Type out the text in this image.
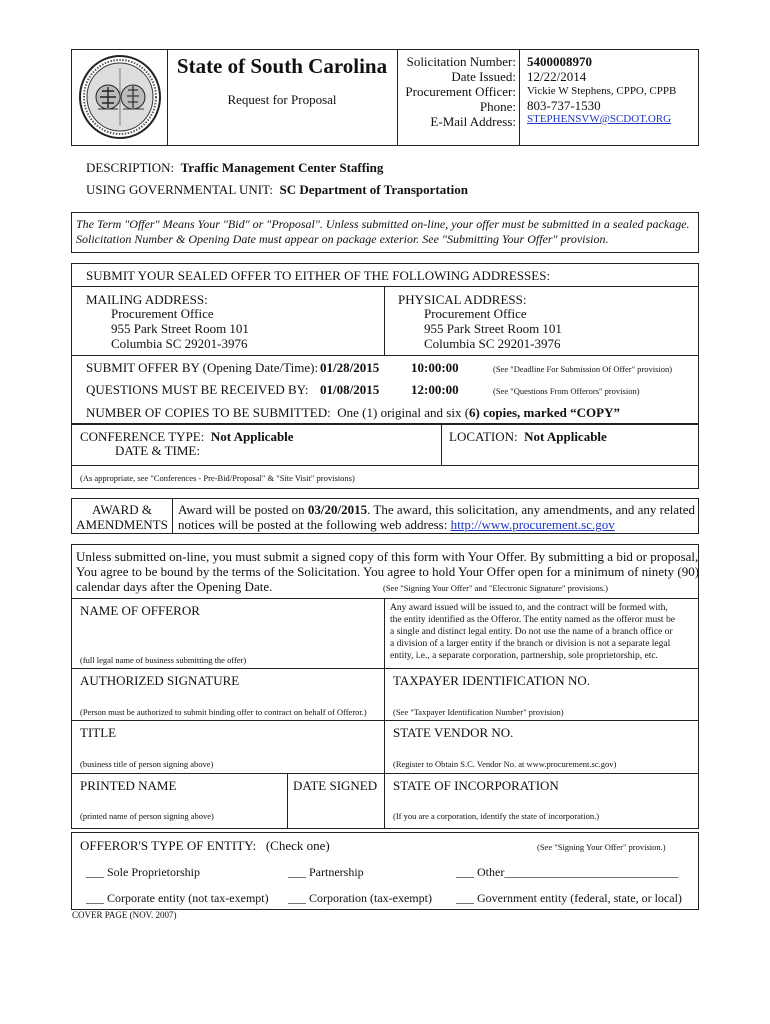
State of South Carolina
Request for Proposal
Solicitation Number: 5400008970
Date Issued: 12/22/2014
Procurement Officer: Vickie W Stephens, CPPO, CPPB
Phone: 803-737-1530
E-Mail Address: STEPHENSVW@SCDOT.ORG
DESCRIPTION: Traffic Management Center Staffing
USING GOVERNMENTAL UNIT: SC Department of Transportation
The Term "Offer" Means Your "Bid" or "Proposal". Unless submitted on-line, your offer must be submitted in a sealed package. Solicitation Number & Opening Date must appear on package exterior. See "Submitting Your Offer" provision.
SUBMIT YOUR SEALED OFFER TO EITHER OF THE FOLLOWING ADDRESSES:
MAILING ADDRESS:
Procurement Office
955 Park Street Room 101
Columbia SC 29201-3976
PHYSICAL ADDRESS:
Procurement Office
955 Park Street Room 101
Columbia SC 29201-3976
SUBMIT OFFER BY (Opening Date/Time): 01/28/2015 10:00:00	(See "Deadline For Submission Of Offer" provision)
QUESTIONS MUST BE RECEIVED BY: 01/08/2015 12:00:00	(See "Questions From Offerors" provision)
NUMBER OF COPIES TO BE SUBMITTED: One (1) original and six (6) copies, marked “COPY”
CONFERENCE TYPE: Not Applicable
DATE & TIME:
LOCATION: Not Applicable
(As appropriate, see "Conferences - Pre-Bid/Proposal" & "Site Visit" provisions)
AWARD &
AMENDMENTS
Award will be posted on 03/20/2015. The award, this solicitation, any amendments, and any related
notices will be posted at the following web address: http://www.procurement.sc.gov
Unless submitted on-line, you must submit a signed copy of this form with Your Offer. By submitting a bid or proposal,
You agree to be bound by the terms of the Solicitation. You agree to hold Your Offer open for a minimum of ninety (90)
calendar days after the Opening Date.	(See "Signing Your Offer" and "Electronic Signature" provisions.)
NAME OF OFFEROR
(full legal name of business submitting the offer)
Any award issued will be issued to, and the contract will be formed with,
the entity identified as the Offeror. The entity named as the offeror must be
a single and distinct legal entity. Do not use the name of a branch office or
a division of a larger entity if the branch or division is not a separate legal
entity, i.e., a separate corporation, partnership, sole proprietorship, etc.
AUTHORIZED SIGNATURE
(Person must be authorized to submit binding offer to contract on behalf of Offeror.)
TAXPAYER IDENTIFICATION NO.
(See "Taxpayer Identification Number" provision)
TITLE
(business title of person signing above)
STATE VENDOR NO.
(Register to Obtain S.C. Vendor No. at www.procurement.sc.gov)
PRINTED NAME
(printed name of person signing above)
DATE SIGNED STATE OF INCORPORATION
(If you are a corporation, identify the state of incorporation.)
OFFEROR'S TYPE OF ENTITY: (Check one)	(See "Signing Your Offer" provision.)
___ Sole Proprietorship	___ Partnership	___ Other_____________________________
___ Corporate entity (not tax-exempt) ___ Corporation (tax-exempt) ___ Government entity (federal, state, or local)
COVER PAGE (NOV. 2007)
